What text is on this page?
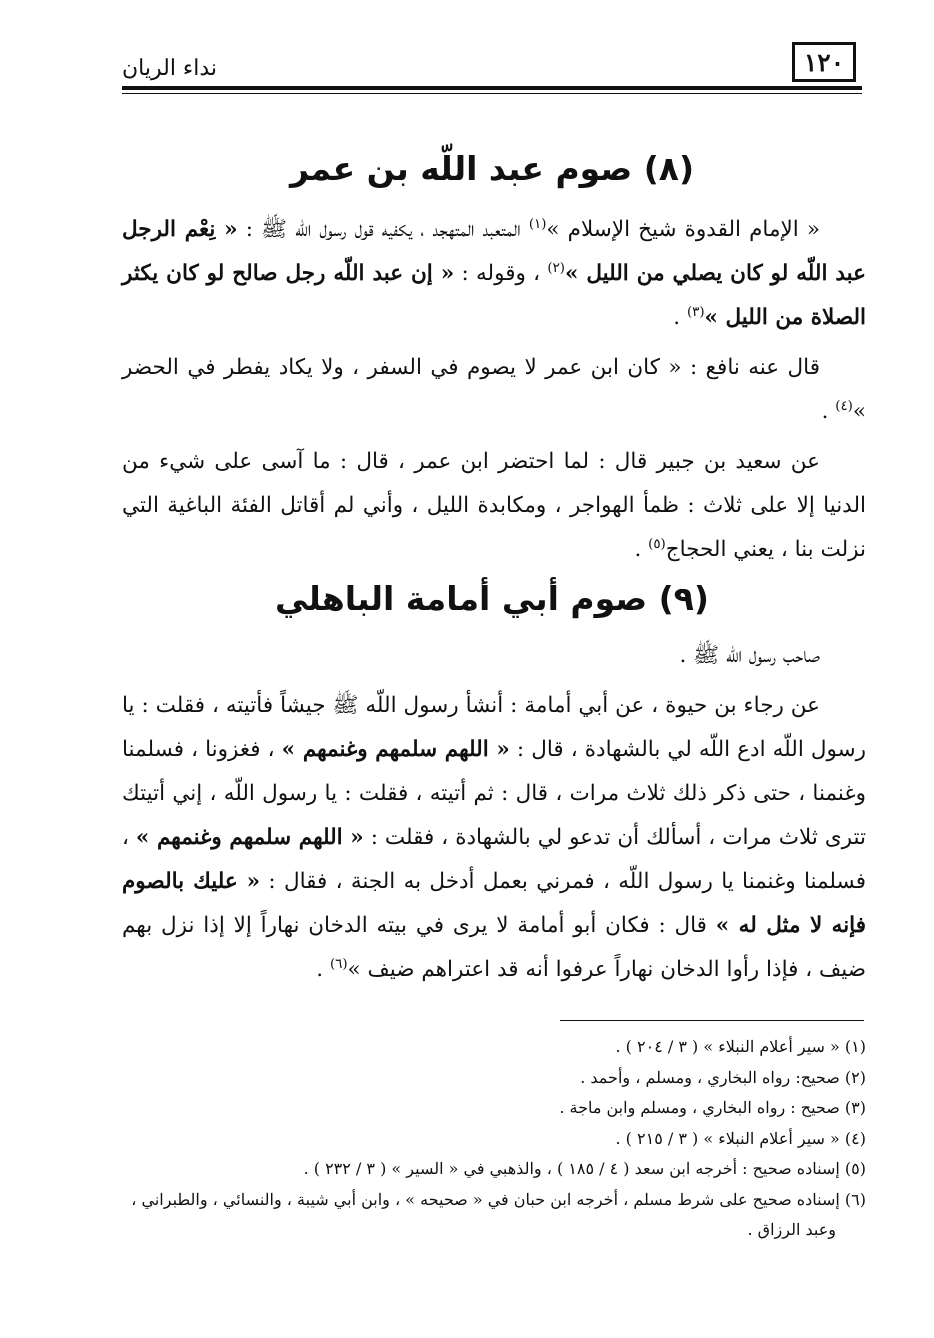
١٢٠
نداء الريان
(٨) صوم عبد اللّه بن عمر

« الإمام القدوة شيخ الإسلام »$^{(١)}$ المتعبد المتهجد ، يكفيه قول رسول اللّه ﷺ : « نِعْم الرجل عبد اللّه لو كان يصلي من الليل »$^{(٢)}$ ، وقوله : « إن عبد اللّه رجل صالح لو كان يكثر الصلاة من الليل »$^{(٣)}$ .

قال عنه نافع : « كان ابن عمر لا يصوم في السفر ، ولا يكاد يفطر في الحضر »$^{(٤)}$ .

عن سعيد بن جبير قال : لما احتضر ابن عمر ، قال : ما آسى على شيء من الدنيا إلا على ثلاث : ظمأ الهواجر ، ومكابدة الليل ، وأني لم أقاتل الفئة الباغية التي نزلت بنا ، يعني الحجاج$^{(٥)}$ .

(٩) صوم أبي أمامة الباهلي

صاحب رسول اللّه ﷺ .

عن رجاء بن حيوة ، عن أبي أمامة : أنشأ رسول اللّه ﷺ جيشاً فأتيته ، فقلت : يا رسول اللّه ادع اللّه لي بالشهادة ، قال : « اللهم سلمهم وغنمهم » ، فغزونا ، فسلمنا وغنمنا ، حتى ذكر ذلك ثلاث مرات ، قال : ثم أتيته ، فقلت : يا رسول اللّه ، إني أتيتك تترى ثلاث مرات ، أسألك أن تدعو لي بالشهادة ، فقلت : « اللهم سلمهم وغنمهم » ، فسلمنا وغنمنا يا رسول اللّه ، فمرني بعمل أدخل به الجنة ، فقال : « عليك بالصوم فإنه لا مثل له » قال : فكان أبو أمامة لا يرى في بيته الدخان نهاراً إلا إذا نزل بهم ضيف ، فإذا رأوا الدخان نهاراً عرفوا أنه قد اعتراهم ضيف »$^{(٦)}$ .

(١) « سير أعلام النبلاء » ( ٣ / ٢٠٤ ) .

(٢) صحيح: رواه البخاري ، ومسلم ، وأحمد .

(٣) صحيح : رواه البخاري ، ومسلم وابن ماجة .

(٤) « سير أعلام النبلاء » ( ٣ / ٢١٥ ) .

(٥) إسناده صحيح : أخرجه ابن سعد ( ٤ / ١٨٥ ) ، والذهبي في « السير » ( ٣ / ٢٣٢ ) .

(٦) إسناده صحيح على شرط مسلم ، أخرجه ابن حبان في « صحيحه » ، وابن أبي شيبة ، والنسائي ، والطبراني ،

وعبد الرزاق .
